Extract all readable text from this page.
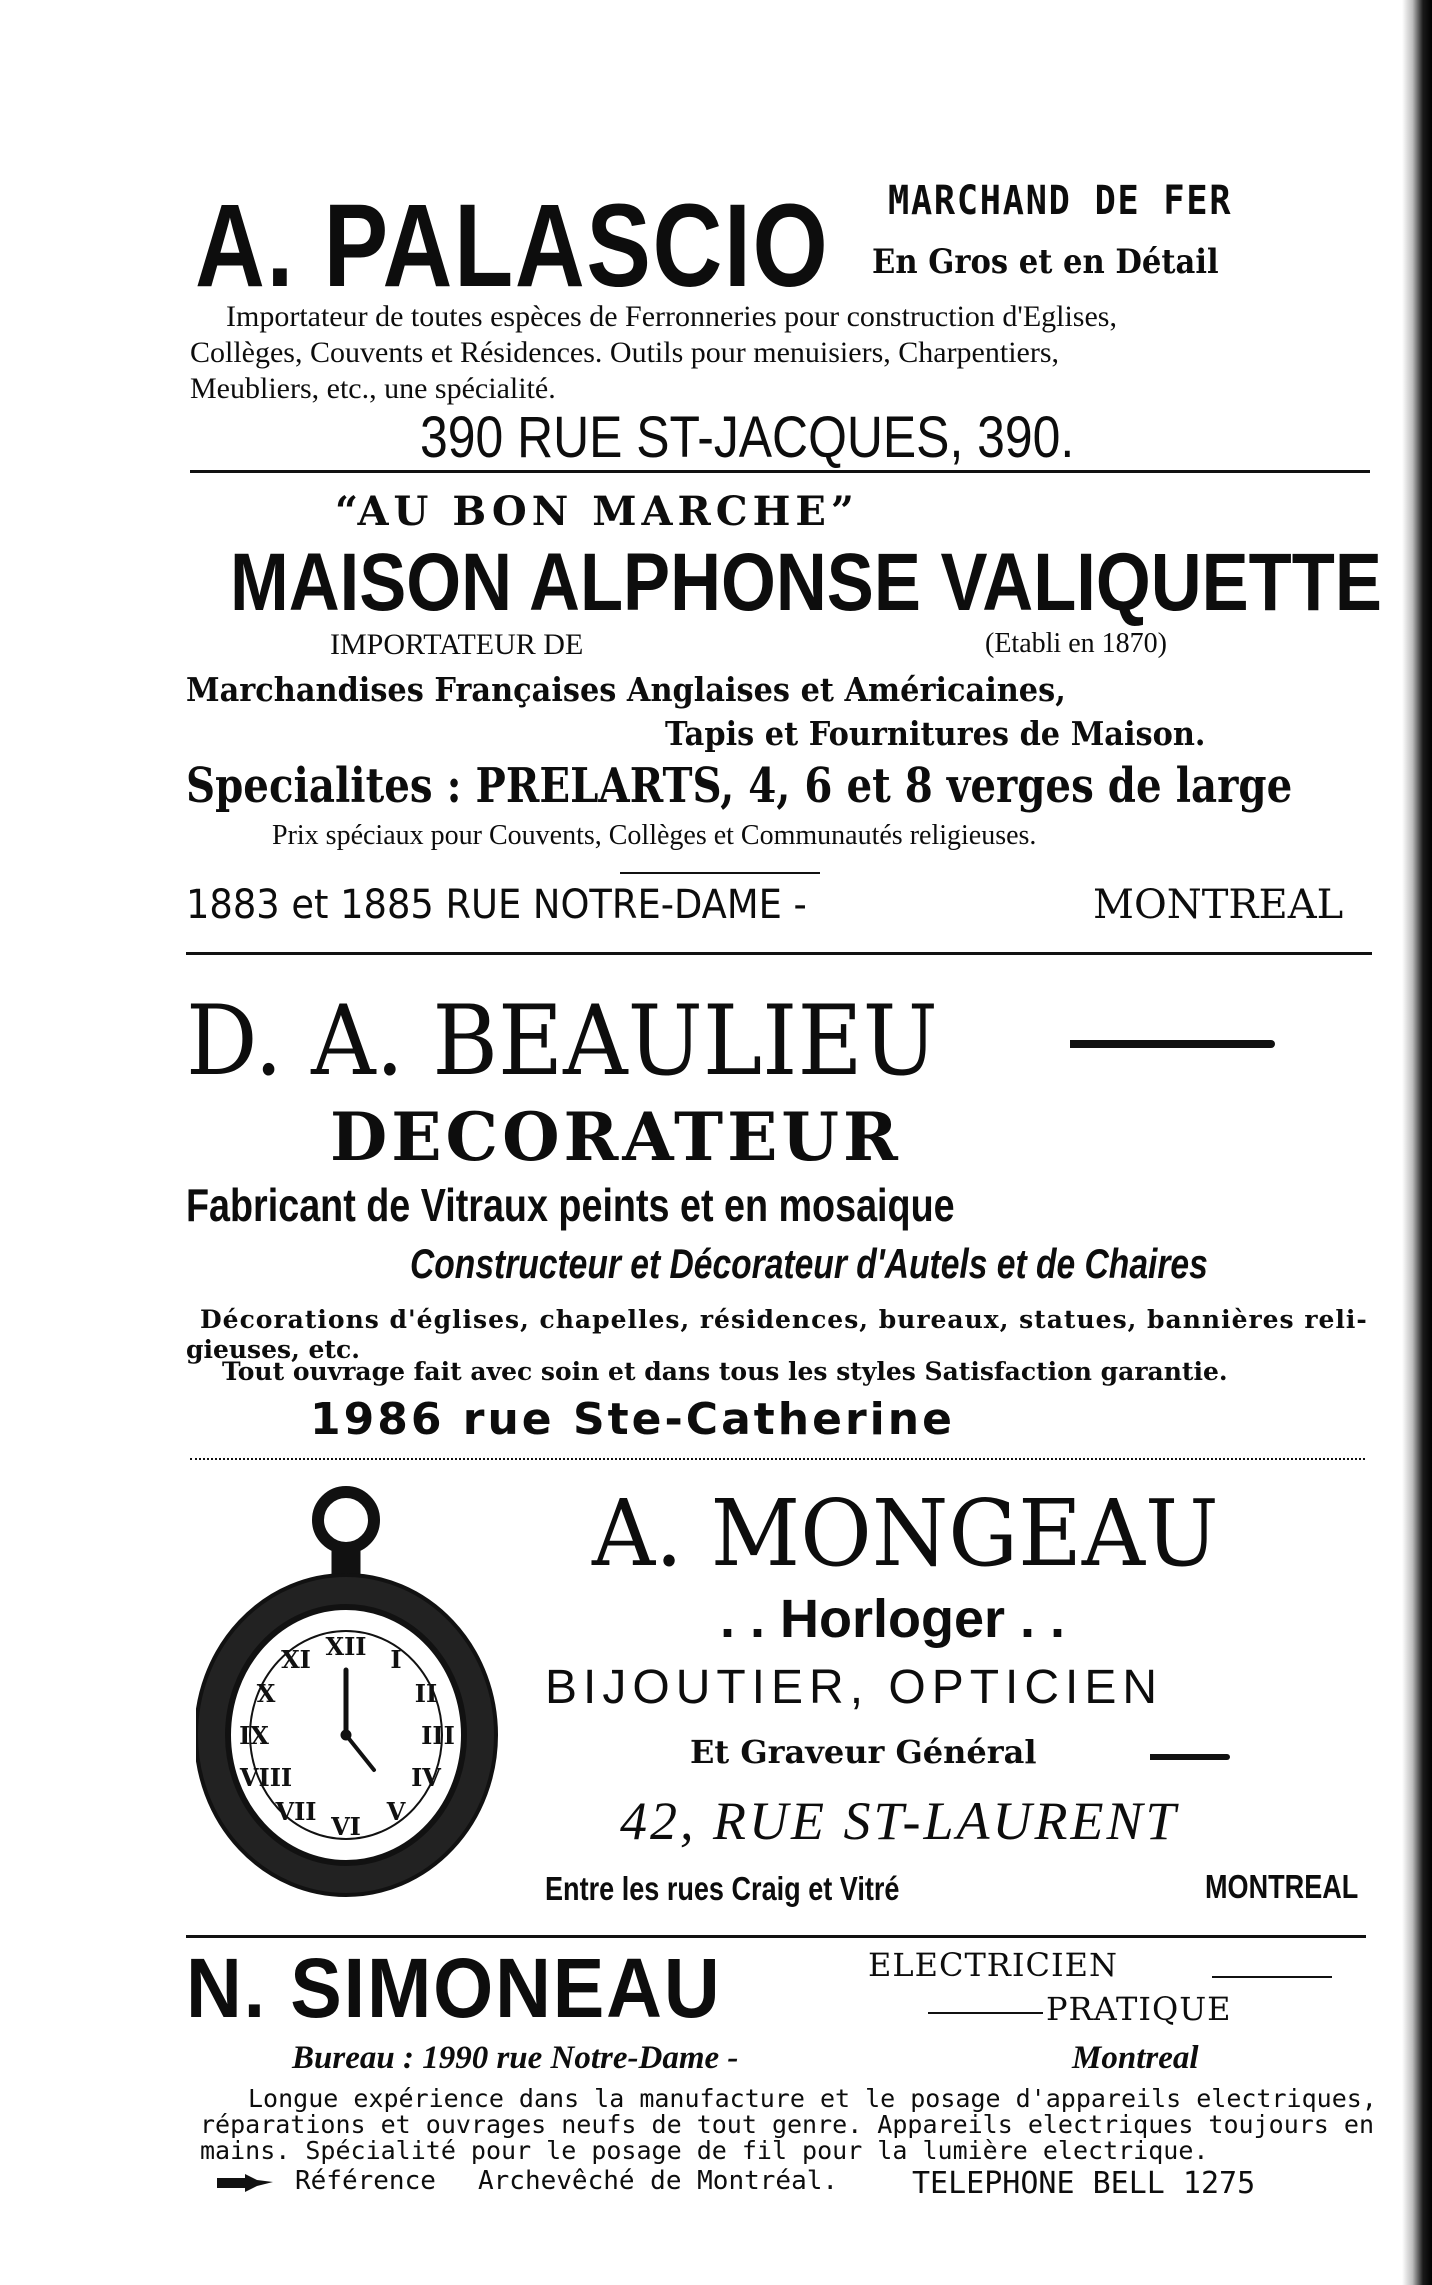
A. PALASCIO MARCHAND DE FER
En Gros et en Détail
Importateur de toutes espèces de Ferronneries pour construction d'Eglises,
Collèges, Couvents et Résidences. Outils pour menuisiers, Charpentiers,
Meubliers, etc., une spécialité.
390 RUE ST-JACQUES, 390.
“AU BON MARCHE”
MAISON ALPHONSE VALIQUETTE
IMPORTATEUR DE	(Etabli en 1870)
Marchandises Françaises Anglaises et Américaines,
Tapis et Fournitures de Maison.
Specialites : PRELARTS, 4, 6 et 8 verges de large
Prix spéciaux pour Couvents, Collèges et Communautés religieuses.
1883 et 1885 RUE NOTRE-DAME -	MONTREAL
D. A. BEAULIEU
DECORATEUR
Fabricant de Vitraux peints et en mosaique
Constructeur et Décorateur d'Autels et de Chaires
Décorations d'églises, chapelles, résidences, bureaux, statues, bannières reli-
gieuses, etc.
Tout ouvrage fait avec soin et dans tous les styles Satisfaction garantie.
1986 rue Ste-Catherine
XII I
II
III
IV
V
VI
VII
VIII
IX
X
XI
A. MONGEAU
. . Horloger . .
BIJOUTIER, OPTICIEN
Et Graveur Général
42, RUE ST-LAURENT
Entre les rues Craig et Vitré	MONTREAL
N. SIMONEAU	ELECTRICIEN
PRATIQUE
Bureau : 1990 rue Notre-Dame -	Montreal
Longue expérience dans la manufacture et le posage d'appareils electriques,
réparations et ouvrages neufs de tout genre. Appareils electriques toujours en
mains. Spécialité pour le posage de fil pour la lumière electrique.
Référence Archevêché de Montréal. TELEPHONE BELL 1275
